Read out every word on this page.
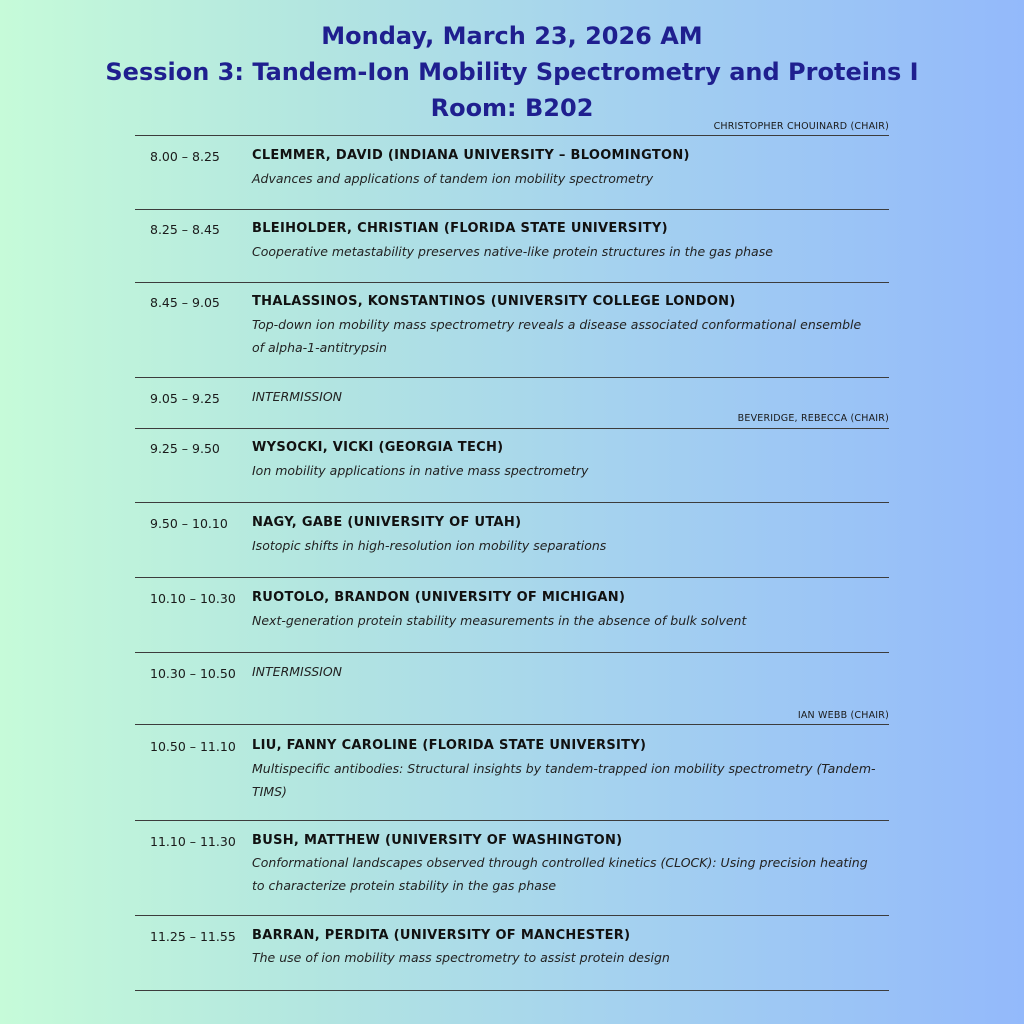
Monday, March 23, 2026 AM
Session 3: Tandem-Ion Mobility Spectrometry and Proteins I
Room: B202
CHRISTOPHER CHOUINARD (CHAIR)
BEVERIDGE, REBECCA (CHAIR)
IAN WEBB (CHAIR)
8.00 – 8.25 CLEMMER, DAVID (INDIANA UNIVERSITY – BLOOMINGTON)
Advances and applications of tandem ion mobility spectrometry
8.25 – 8.45 BLEIHOLDER, CHRISTIAN (FLORIDA STATE UNIVERSITY)
Cooperative metastability preserves native-like protein structures in the gas phase
8.45 – 9.05 THALASSINOS, KONSTANTINOS (UNIVERSITY COLLEGE LONDON)
Top-down ion mobility mass spectrometry reveals a disease associated conformational ensemble of alpha-1-antitrypsin
9.05 – 9.25	INTERMISSION
9.25 – 9.50 WYSOCKI, VICKI (GEORGIA TECH)
Ion mobility applications in native mass spectrometry
9.50 – 10.10 NAGY, GABE (UNIVERSITY OF UTAH)
Isotopic shifts in high-resolution ion mobility separations
10.10 – 10.30 RUOTOLO, BRANDON (UNIVERSITY OF MICHIGAN)
Next-generation protein stability measurements in the absence of bulk solvent
10.30 – 10.50 INTERMISSION
10.50 – 11.10 LIU, FANNY CAROLINE (FLORIDA STATE UNIVERSITY)
Multispecific antibodies: Structural insights by tandem-trapped ion mobility spectrometry (Tandem-TIMS)
11.10 – 11.30 BUSH, MATTHEW (UNIVERSITY OF WASHINGTON)
Conformational landscapes observed through controlled kinetics (CLOCK): Using precision heating to characterize protein stability in the gas phase
11.25 – 11.55 BARRAN, PERDITA (UNIVERSITY OF MANCHESTER)
The use of ion mobility mass spectrometry to assist protein design
